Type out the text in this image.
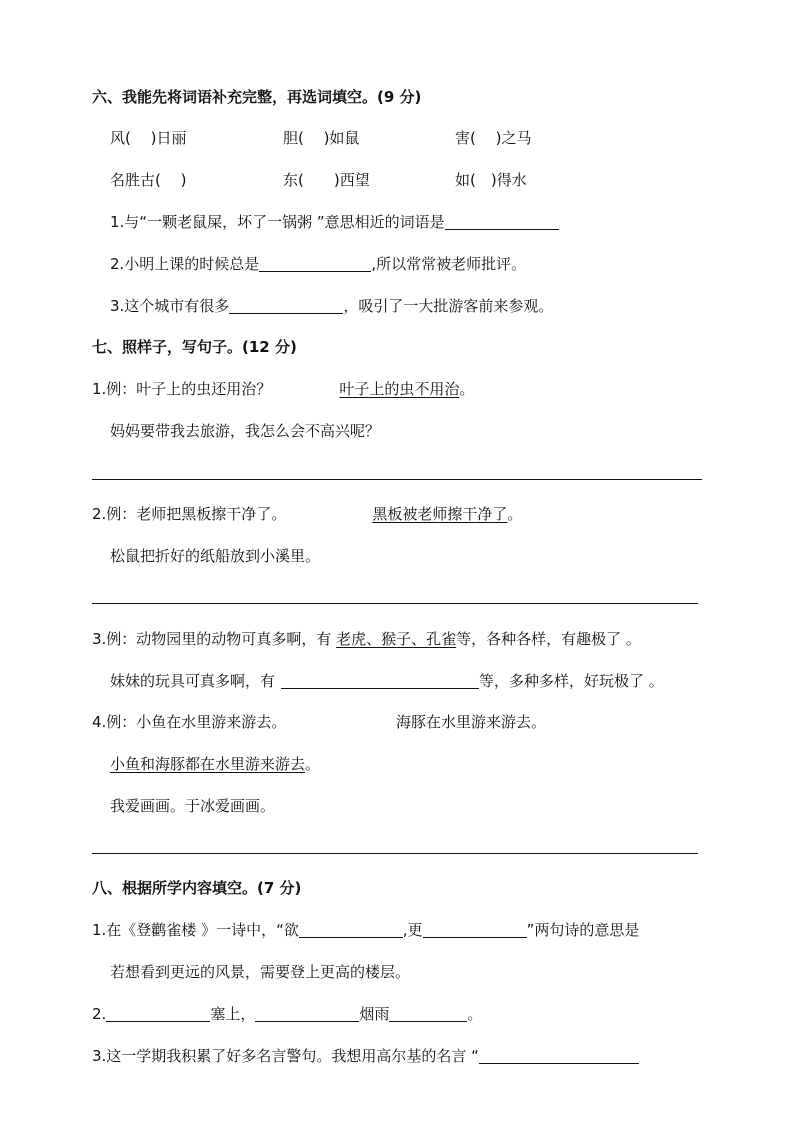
六、我能先将词语补充完整，再选词填空。(9 分)
风(　 )日丽	胆(　 )如鼠	害(　 )之马
名胜古(　 )	东(　　)西望	如(　)得水
1.与“一颗老鼠屎，坏了一锅粥 ”意思相近的词语是
2.小明上课的时候总是	,所以常常被老师批评。
3.这个城市有很多	，吸引了一大批游客前来参观。
七、照样子，写句子。(12 分)
1.例：叶子上的虫还用治？	叶子上的虫不用治。
妈妈要带我去旅游，我怎么会不高兴呢？
2.例：老师把黑板擦干净了。	黑板被老师擦干净了。
松鼠把折好的纸船放到小溪里。
3.例：动物园里的动物可真多啊，有 老虎、猴子、孔雀等，各种各样，有趣极了 。
妹妹的玩具可真多啊，有	等，多种多样，好玩极了 。
4.例：小鱼在水里游来游去。	海豚在水里游来游去。
小鱼和海豚都在水里游来游去。
我爱画画。于冰爱画画。
八、根据所学内容填空。(7 分)
1.在《登鹳雀楼 》一诗中，“欲	,更	”两句诗的意思是
若想看到更远的风景，需要登上更高的楼层。
2.	塞上，	烟雨	。
3.这一学期我积累了好多名言警句。我想用高尔基的名言 “
